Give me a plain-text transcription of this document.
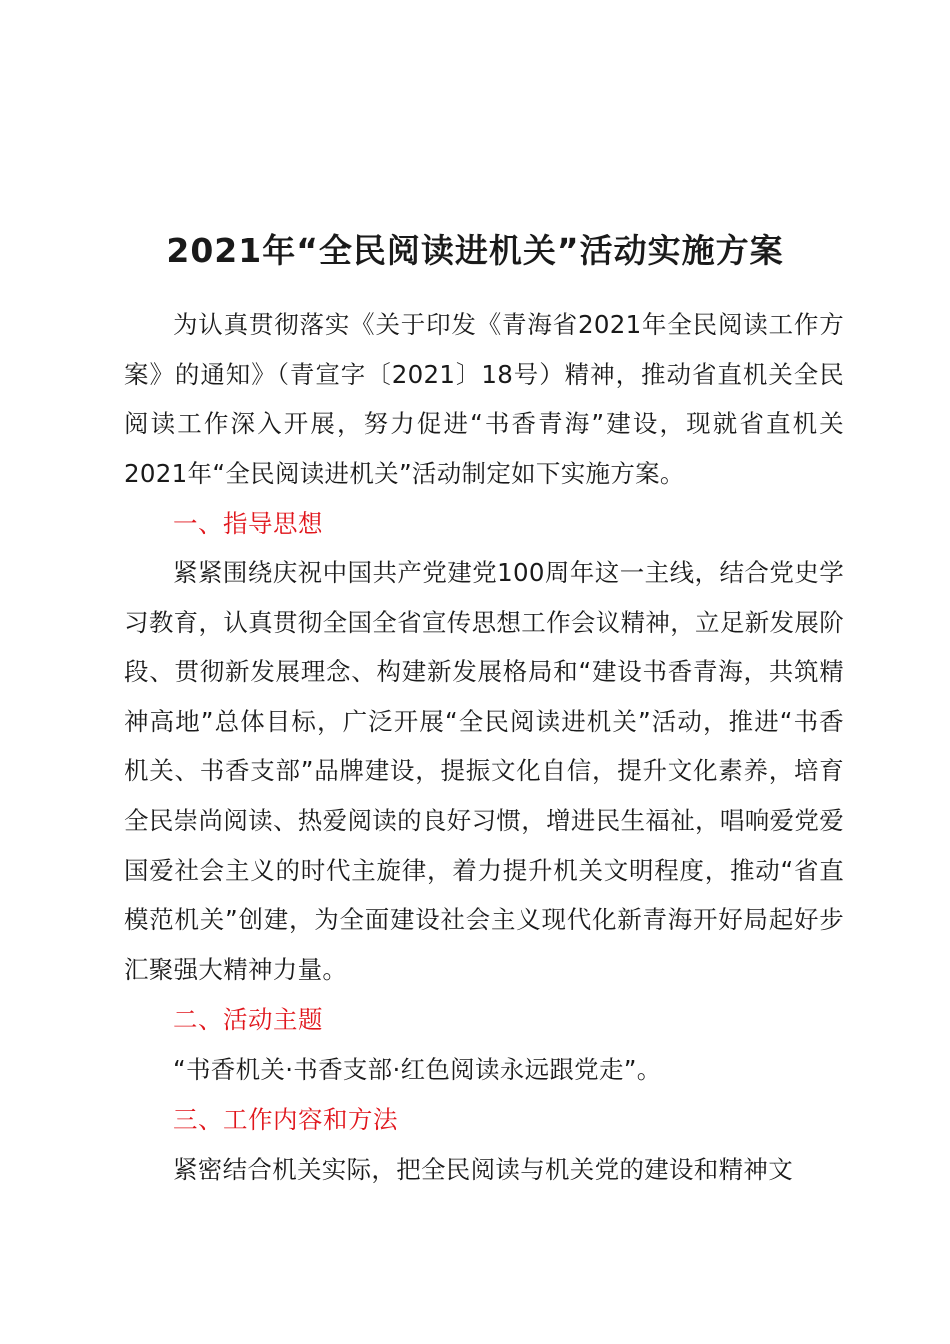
2021年“全民阅读进机关”活动实施方案
为认真贯彻落实《关于印发《青海省2021年全民阅读工作方案》的通知》（青宣字〔2021〕18号）精神，推动省直机关全民阅读工作深入开展，努力促进“书香青海”建设，现就省直机关2021年“全民阅读进机关”活动制定如下实施方案。
一、指导思想
紧紧围绕庆祝中国共产党建党100周年这一主线，结合党史学习教育，认真贯彻全国全省宣传思想工作会议精神，立足新发展阶段、贯彻新发展理念、构建新发展格局和“建设书香青海，共筑精神高地”总体目标，广泛开展“全民阅读进机关”活动，推进“书香机关、书香支部”品牌建设，提振文化自信，提升文化素养，培育全民崇尚阅读、热爱阅读的良好习惯，增进民生福祉，唱响爱党爱国爱社会主义的时代主旋律，着力提升机关文明程度，推动“省直模范机关”创建，为全面建设社会主义现代化新青海开好局起好步汇聚强大精神力量。
二、活动主题
“书香机关·书香支部·红色阅读永远跟党走”。
三、工作内容和方法
紧密结合机关实际，把全民阅读与机关党的建设和精神文
